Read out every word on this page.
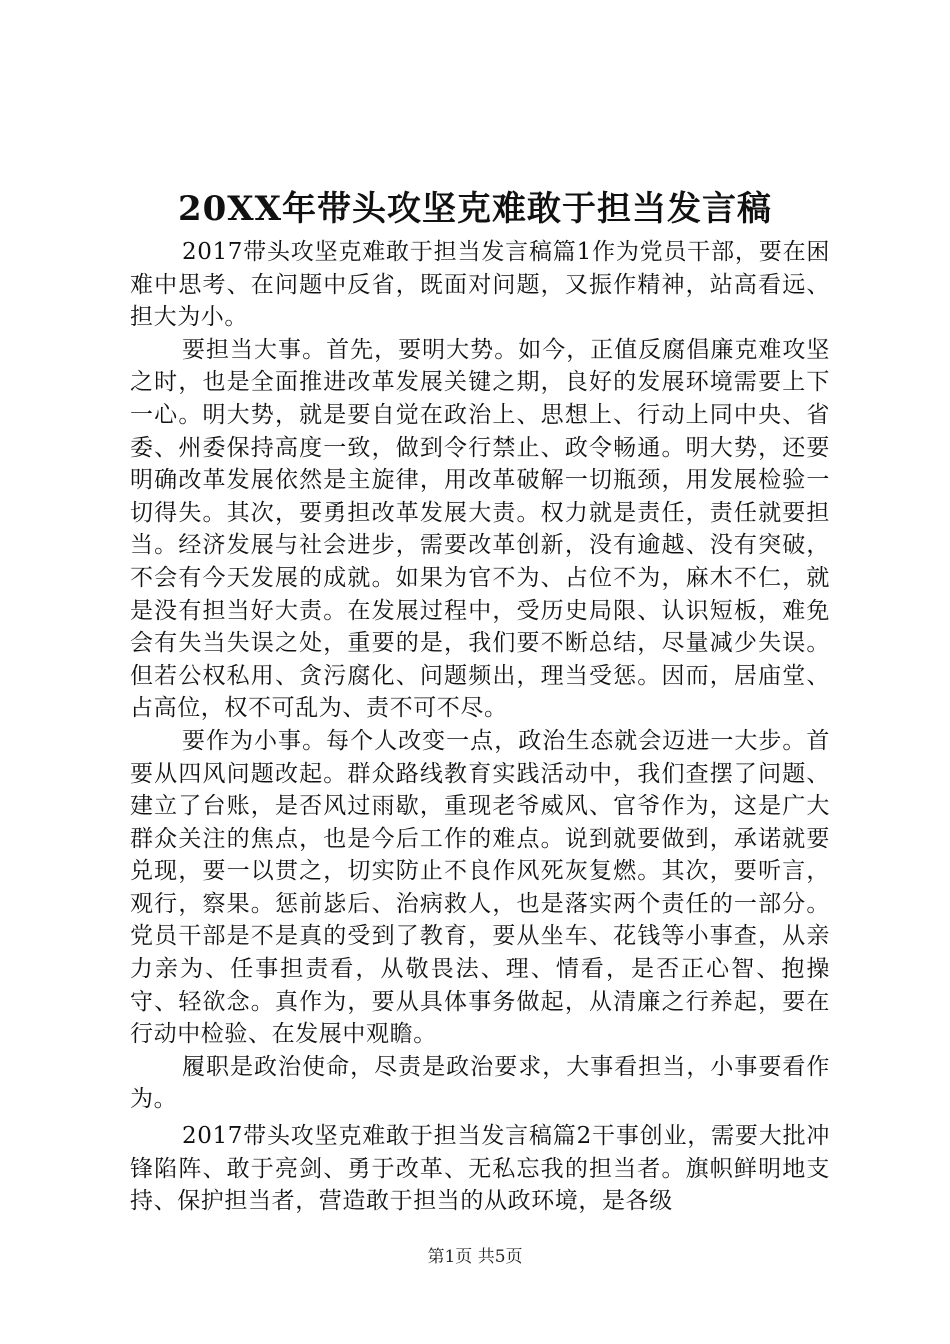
20XX年带头攻坚克难敢于担当发言稿

2017带头攻坚克难敢于担当发言稿篇1作为党员干部，要在困难中思考、在问题中反省，既面对问题，又振作精神，站高看远、担大为小。

要担当大事。首先，要明大势。如今，正值反腐倡廉克难攻坚之时，也是全面推进改革发展关键之期，良好的发展环境需要上下一心。明大势，就是要自觉在政治上、思想上、行动上同中央、省委、州委保持高度一致，做到令行禁止、政令畅通。明大势，还要明确改革发展依然是主旋律，用改革破解一切瓶颈，用发展检验一切得失。其次，要勇担改革发展大责。权力就是责任，责任就要担当。经济发展与社会进步，需要改革创新，没有逾越、没有突破，不会有今天发展的成就。如果为官不为、占位不为，麻木不仁，就是没有担当好大责。在发展过程中，受历史局限、认识短板，难免会有失当失误之处，重要的是，我们要不断总结，尽量减少失误。但若公权私用、贪污腐化、问题频出，理当受惩。因而，居庙堂、占高位，权不可乱为、责不可不尽。

要作为小事。每个人改变一点，政治生态就会迈进一大步。首要从四风问题改起。群众路线教育实践活动中，我们查摆了问题、建立了台账，是否风过雨歇，重现老爷威风、官爷作为，这是广大群众关注的焦点，也是今后工作的难点。说到就要做到，承诺就要兑现，要一以贯之，切实防止不良作风死灰复燃。其次，要听言，观行，察果。惩前毖后、治病救人，也是落实两个责任的一部分。党员干部是不是真的受到了教育，要从坐车、花钱等小事查，从亲力亲为、任事担责看，从敬畏法、理、情看，是否正心智、抱操守、轻欲念。真作为，要从具体事务做起，从清廉之行养起，要在行动中检验、在发展中观瞻。

履职是政治使命，尽责是政治要求，大事看担当，小事要看作为。

2017带头攻坚克难敢于担当发言稿篇2干事创业，需要大批冲锋陷阵、敢于亮剑、勇于改革、无私忘我的担当者。旗帜鲜明地支持、保护担当者，营造敢于担当的从政环境，是各级

第1页 共5页
